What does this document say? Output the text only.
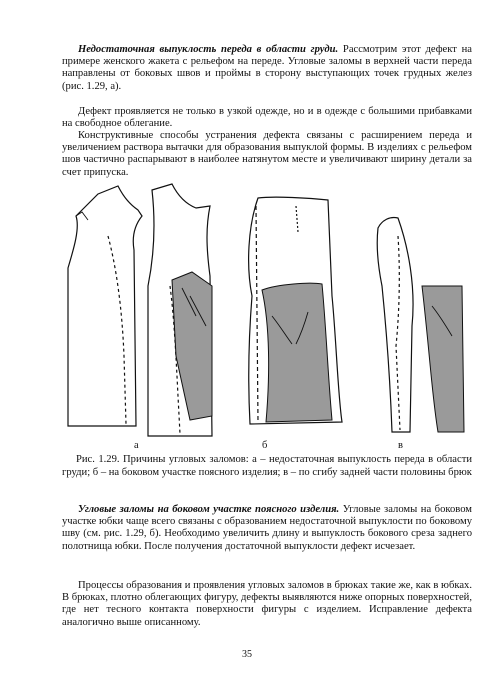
Недостаточная выпуклость переда в области груди. Рассмотрим этот дефект на примере женского жакета с рельефом на переде. Угловые заломы в верхней части переда направлены от боковых швов и проймы в сторону выступающих точек грудных желез (рис. 1.29, а).

Дефект проявляется не только в узкой одежде, но и в одежде с большими прибавками на свободное облегание.

Конструктивные способы устранения дефекта связаны с расширением переда и увеличением раствора вытачки для образования выпуклой формы. В изделиях с рельефом шов частично распарывают в наиболее натянутом месте и увеличивают ширину детали за счет припуска.

а	б	в

Рис. 1.29. Причины угловых заломов: а – недостаточная выпуклость переда в области груди; б – на боковом участке поясного изделия; в – по сгибу задней части половины брюк

Угловые заломы на боковом участке поясного изделия. Угловые заломы на боковом участке юбки чаще всего связаны с образованием недостаточной выпуклости по боковому шву (см. рис. 1.29, б). Необходимо увеличить длину и выпуклость бокового среза заднего полотнища юбки. После получения достаточной выпуклости дефект исчезает.

Процессы образования и проявления угловых заломов в брюках такие же, как в юбках. В брюках, плотно облегающих фигуру, дефекты выявляются ниже опорных поверхностей, где нет тесного контакта поверхности фигуры с изделием. Исправление дефекта аналогично выше описанному.

35
